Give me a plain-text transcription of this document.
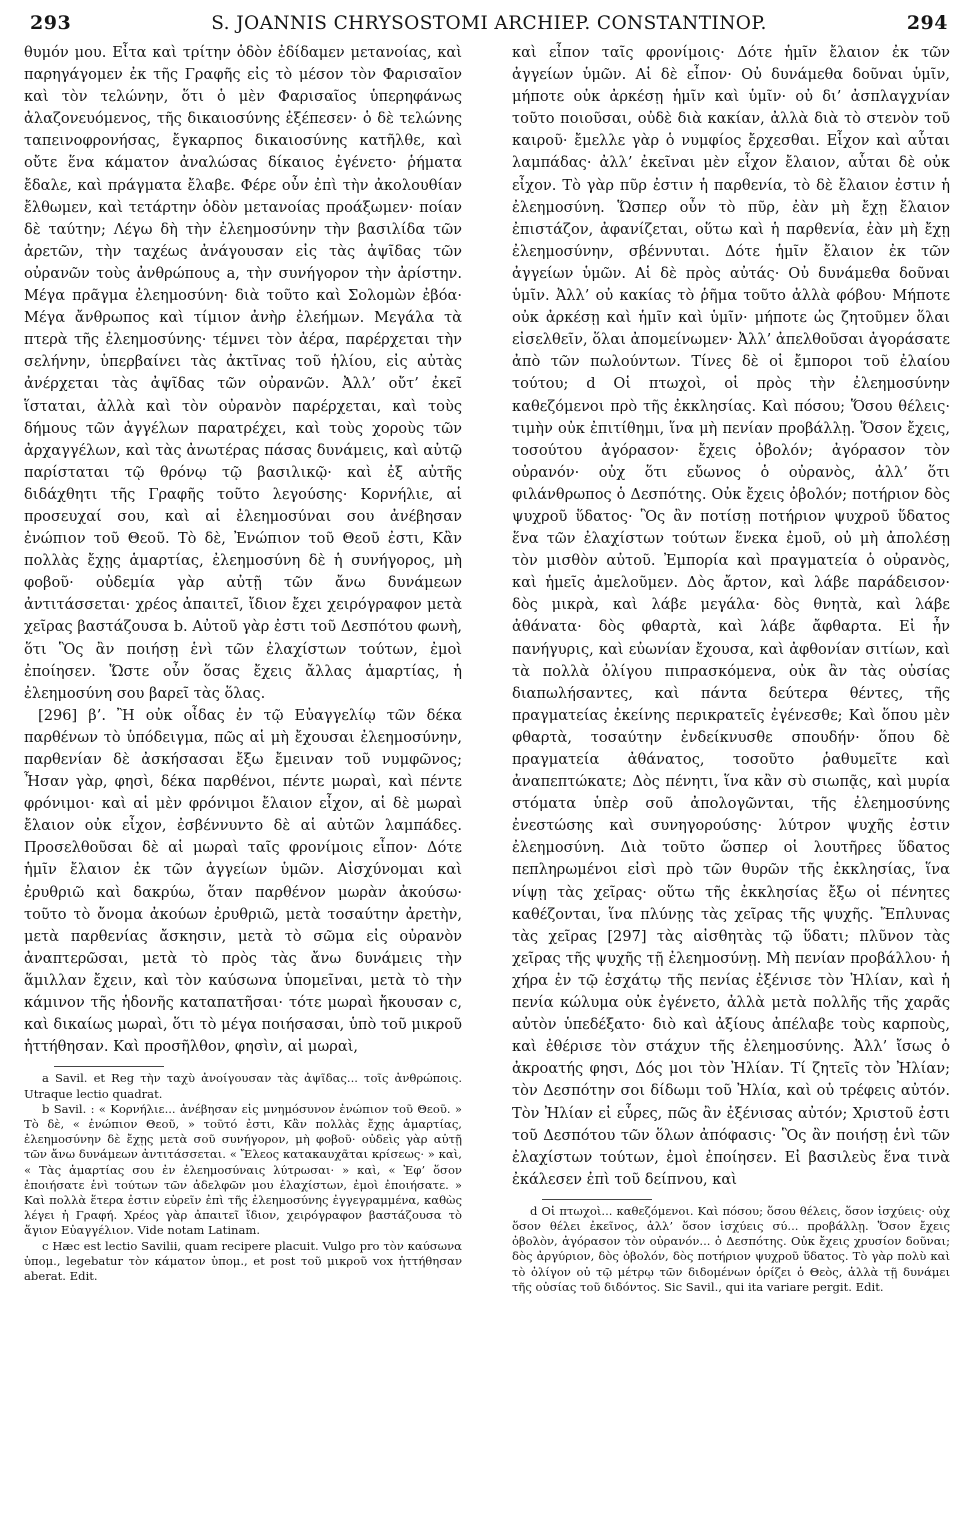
293	S. JOANNIS CHRYSOSTOMI ARCHIEP. CONSTANTINOP.	294

θυμόν μου. Εἶτα καὶ τρίτην ὁδὸν ἐδίδαμεν μετανοίας, καὶ παρηγάγομεν ἐκ τῆς Γραφῆς εἰς τὸ μέσον τὸν Φαρισαῖον καὶ τὸν τελώνην, ὅτι ὁ μὲν Φαρισαῖος ὑπερηφάνως ἀλαζονευόμενος, τῆς δικαιοσύνης ἐξέπεσεν· ὁ δὲ τελώνης ταπεινοφρονήσας, ἔγκαρπος δικαιοσύνης κατῆλθε, καὶ οὔτε ἕνα κάματον ἀναλώσας δίκαιος ἐγένετο· ῥήματα ἔδαλε, καὶ πράγματα ἔλαβε. Φέρε οὖν ἐπὶ τὴν ἀκολουθίαν ἔλθωμεν, καὶ τετάρτην ὁδὸν μετανοίας προάξωμεν· ποίαν δὲ ταύτην; Λέγω δὴ τὴν ἐλεημοσύνην τὴν βασιλίδα τῶν ἀρετῶν, τὴν ταχέως ἀνάγουσαν εἰς τὰς ἀψῖδας τῶν οὐρανῶν τοὺς ἀνθρώπους a, τὴν συνήγορον τὴν ἀρίστην. Μέγα πρᾶγμα ἐλεημοσύνη· διὰ τοῦτο καὶ Σολομὼν ἐβόα· Μέγα ἄνθρωπος καὶ τίμιον ἀνὴρ ἐλεήμων. Μεγάλα τὰ πτερὰ τῆς ἐλεημοσύνης· τέμνει τὸν ἀέρα, παρέρχεται τὴν σελήνην, ὑπερβαίνει τὰς ἀκτῖνας τοῦ ἡλίου, εἰς αὐτὰς ἀνέρχεται τὰς ἀψῖδας τῶν οὐρανῶν. Ἀλλ’ οὔτ’ ἐκεῖ ἵσταται, ἀλλὰ καὶ τὸν οὐρανὸν παρέρχεται, καὶ τοὺς δήμους τῶν ἀγγέλων παρατρέχει, καὶ τοὺς χοροὺς τῶν ἀρχαγγέλων, καὶ τὰς ἀνωτέρας πάσας δυνάμεις, καὶ αὐτῷ παρίσταται τῷ θρόνῳ τῷ βασιλικῷ· καὶ ἐξ αὐτῆς διδάχθητι τῆς Γραφῆς τοῦτο λεγούσης· Κορνήλιε, αἱ προσευχαί σου, καὶ αἱ ἐλεημοσύναι σου ἀνέβησαν ἐνώπιον τοῦ Θεοῦ. Τὸ δὲ, Ἐνώπιον τοῦ Θεοῦ ἐστι, Κἂν πολλὰς ἔχῃς ἁμαρτίας, ἐλεημοσύνη δὲ ἡ συνήγορος, μὴ φοβοῦ· οὐδεμία γὰρ αὐτῇ τῶν ἄνω δυνάμεων ἀντιτάσσεται· χρέος ἀπαιτεῖ, ἴδιον ἔχει χειρόγραφον μετὰ χεῖρας βαστάζουσα b. Αὐτοῦ γὰρ ἐστι τοῦ Δεσπότου φωνὴ, ὅτι Ὃς ἂν ποιήσῃ ἑνὶ τῶν ἐλαχίστων τούτων, ἐμοὶ ἐποίησεν. Ὥστε οὖν ὅσας ἔχεις ἄλλας ἁμαρτίας, ἡ ἐλεημοσύνη σου βαρεῖ τὰς ὅλας.

[296] β’. Ἢ οὐκ οἶδας ἐν τῷ Εὐαγγελίῳ τῶν δέκα παρθένων τὸ ὑπόδειγμα, πῶς αἱ μὴ ἔχουσαι ἐλεημοσύνην, παρθενίαν δὲ ἀσκήσασαι ἔξω ἔμειναν τοῦ νυμφῶνος; Ἦσαν γὰρ, φησὶ, δέκα παρθένοι, πέντε μωραὶ, καὶ πέντε φρόνιμοι· καὶ αἱ μὲν φρόνιμοι ἔλαιον εἶχον, αἱ δὲ μωραὶ ἔλαιον οὐκ εἶχον, ἐσβέννυντο δὲ αἱ αὐτῶν λαμπάδες. Προσελθοῦσαι δὲ αἱ μωραὶ ταῖς φρονίμοις εἶπον· Δότε ἡμῖν ἔλαιον ἐκ τῶν ἀγγείων ὑμῶν. Αἰσχύνομαι καὶ ἐρυθριῶ καὶ δακρύω, ὅταν παρθένον μωρὰν ἀκούσω· τοῦτο τὸ ὄνομα ἀκούων ἐρυθριῶ, μετὰ τοσαύτην ἀρετὴν, μετὰ παρθενίας ἄσκησιν, μετὰ τὸ σῶμα εἰς οὐρανὸν ἀναπτερῶσαι, μετὰ τὸ πρὸς τὰς ἄνω δυνάμεις τὴν ἅμιλλαν ἔχειν, καὶ τὸν καύσωνα ὑπομεῖναι, μετὰ τὸ τὴν κάμινον τῆς ἡδονῆς καταπατῆσαι· τότε μωραὶ ἤκουσαν c, καὶ δικαίως μωραὶ, ὅτι τὸ μέγα ποιήσασαι, ὑπὸ τοῦ μικροῦ ἡττήθησαν. Καὶ προσῆλθον, φησὶν, αἱ μωραὶ,

a Savil. et Reg τὴν ταχὺ ἀνοίγουσαν τὰς ἀψῖδας... τοῖς ἀνθρώποις. Utraque lectio quadrat.

b Savil. : « Κορνήλιε... ἀνέβησαν εἰς μνημόσυνον ἐνώπιον τοῦ Θεοῦ. » Τὸ δὲ, « ἐνώπιον Θεοῦ, » τοῦτό ἐστι, Κἂν πολλὰς ἔχῃς ἁμαρτίας, ἐλεημοσύνην δὲ ἔχῃς μετὰ σοῦ συνήγορον, μὴ φοβοῦ· οὐδεὶς γὰρ αὐτῇ τῶν ἄνω δυνάμεων ἀντιτάσσεται. « Ἔλεος κατακαυχᾶται κρίσεως· » καὶ, « Τὰς ἁμαρτίας σου ἐν ἐλεημοσύναις λύτρωσαι· » καὶ, « Ἐφ’ ὅσον ἐποιήσατε ἑνὶ τούτων τῶν ἀδελφῶν μου ἐλαχίστων, ἐμοὶ ἐποιήσατε. » Καὶ πολλὰ ἕτερα ἐστιν εὑρεῖν ἐπὶ τῆς ἐλεημοσύνης ἐγγεγραμμένα, καθὼς λέγει ἡ Γραφή. Χρέος γὰρ ἀπαιτεῖ ἴδιον, χειρόγραφον βαστάζουσα τὸ ἅγιον Εὐαγγέλιον. Vide notam Latinam.

c Hæc est lectio Savilii, quam recipere placuit. Vulgo pro τὸν καύσωνα ὑπομ., legebatur τὸν κάματον ὑπομ., et post τοῦ μικροῦ vox ἡττήθησαν aberat. Edit.

καὶ εἶπον ταῖς φρονίμοις· Δότε ἡμῖν ἔλαιον ἐκ τῶν ἀγγείων ὑμῶν. Αἱ δὲ εἶπον· Οὐ δυνάμεθα δοῦναι ὑμῖν, μήποτε οὐκ ἀρκέσῃ ἡμῖν καὶ ὑμῖν· οὐ δι’ ἀσπλαγχνίαν τοῦτο ποιοῦσαι, οὐδὲ διὰ κακίαν, ἀλλὰ διὰ τὸ στενὸν τοῦ καιροῦ· ἔμελλε γὰρ ὁ νυμφίος ἔρχεσθαι. Εἶχον καὶ αὗται λαμπάδας· ἀλλ’ ἐκεῖναι μὲν εἶχον ἔλαιον, αὗται δὲ οὐκ εἶχον. Τὸ γὰρ πῦρ ἐστιν ἡ παρθενία, τὸ δὲ ἔλαιον ἐστιν ἡ ἐλεημοσύνη. Ὥσπερ οὖν τὸ πῦρ, ἐὰν μὴ ἔχῃ ἔλαιον ἐπιστάζον, ἀφανίζεται, οὕτω καὶ ἡ παρθενία, ἐὰν μὴ ἔχῃ ἐλεημοσύνην, σβέννυται. Δότε ἡμῖν ἔλαιον ἐκ τῶν ἀγγείων ὑμῶν. Αἱ δὲ πρὸς αὐτάς· Οὐ δυνάμεθα δοῦναι ὑμῖν. Ἀλλ’ οὐ κακίας τὸ ῥῆμα τοῦτο ἀλλὰ φόβου· Μήποτε οὐκ ἀρκέσῃ καὶ ἡμῖν καὶ ὑμῖν· μήποτε ὡς ζητοῦμεν ὅλαι εἰσελθεῖν, ὅλαι ἀπομείνωμεν· Ἀλλ’ ἀπελθοῦσαι ἀγοράσατε ἀπὸ τῶν πωλούντων. Τίνες δὲ οἱ ἔμποροι τοῦ ἐλαίου τούτου; d Οἱ πτωχοὶ, οἱ πρὸς τὴν ἐλεημοσύνην καθεζόμενοι πρὸ τῆς ἐκκλησίας. Καὶ πόσου; Ὅσου θέλεις· τιμὴν οὐκ ἐπιτίθημι, ἵνα μὴ πενίαν προβάλλῃ. Ὅσον ἔχεις, τοσούτου ἀγόρασον· ἔχεις ὀβολόν; ἀγόρασον τὸν οὐρανόν· οὐχ ὅτι εὔωνος ὁ οὐρανὸς, ἀλλ’ ὅτι φιλάνθρωπος ὁ Δεσπότης. Οὐκ ἔχεις ὀβολόν; ποτήριον δὸς ψυχροῦ ὕδατος· Ὃς ἂν ποτίσῃ ποτήριον ψυχροῦ ὕδατος ἕνα τῶν ἐλαχίστων τούτων ἕνεκα ἐμοῦ, οὐ μὴ ἀπολέσῃ τὸν μισθὸν αὐτοῦ. Ἐμπορία καὶ πραγματεία ὁ οὐρανὸς, καὶ ἡμεῖς ἀμελοῦμεν. Δὸς ἄρτον, καὶ λάβε παράδεισον· δὸς μικρὰ, καὶ λάβε μεγάλα· δὸς θνητὰ, καὶ λάβε ἀθάνατα· δὸς φθαρτὰ, καὶ λάβε ἄφθαρτα. Εἰ ἦν πανήγυρις, καὶ εὐωνίαν ἔχουσα, καὶ ἀφθονίαν σιτίων, καὶ τὰ πολλὰ ὀλίγου πιπρασκόμενα, οὐκ ἂν τὰς οὐσίας διαπωλήσαντες, καὶ πάντα δεύτερα θέντες, τῆς πραγματείας ἐκείνης περικρατεῖς ἐγένεσθε; Καὶ ὅπου μὲν φθαρτὰ, τοσαύτην ἐνδείκνυσθε σπουδήν· ὅπου δὲ πραγματεία ἀθάνατος, τοσοῦτο ῥαθυμεῖτε καὶ ἀναπεπτώκατε; Δὸς πένητι, ἵνα κἂν σὺ σιωπᾷς, καὶ μυρία στόματα ὑπὲρ σοῦ ἀπολογῶνται, τῆς ἐλεημοσύνης ἐνεστώσης καὶ συνηγορούσης· λύτρον ψυχῆς ἐστιν ἐλεημοσύνη. Διὰ τοῦτο ὥσπερ οἱ λουτῆρες ὕδατος πεπληρωμένοι εἰσὶ πρὸ τῶν θυρῶν τῆς ἐκκλησίας, ἵνα νίψῃ τὰς χεῖρας· οὕτω τῆς ἐκκλησίας ἔξω οἱ πένητες καθέζονται, ἵνα πλύνῃς τὰς χεῖρας τῆς ψυχῆς. Ἔπλυνας τὰς χεῖρας [297] τὰς αἰσθητὰς τῷ ὕδατι; πλῦνον τὰς χεῖρας τῆς ψυχῆς τῇ ἐλεημοσύνῃ. Μὴ πενίαν προβάλλου· ἡ χήρα ἐν τῷ ἐσχάτῳ τῆς πενίας ἐξένισε τὸν Ἠλίαν, καὶ ἡ πενία κώλυμα οὐκ ἐγένετο, ἀλλὰ μετὰ πολλῆς τῆς χαρᾶς αὐτὸν ὑπεδέξατο· διὸ καὶ ἀξίους ἀπέλαβε τοὺς καρποὺς, καὶ ἐθέρισε τὸν στάχυν τῆς ἐλεημοσύνης. Ἀλλ’ ἴσως ὁ ἀκροατής φησι, Δός μοι τὸν Ἠλίαν. Τί ζητεῖς τὸν Ἠλίαν; τὸν Δεσπότην σοι δίδωμι τοῦ Ἠλία, καὶ οὐ τρέφεις αὐτόν. Τὸν Ἠλίαν εἰ εὗρες, πῶς ἂν ἐξένισας αὐτόν; Χριστοῦ ἐστι τοῦ Δεσπότου τῶν ὅλων ἀπόφασις· Ὃς ἂν ποιήσῃ ἑνὶ τῶν ἐλαχίστων τούτων, ἐμοὶ ἐποίησεν. Εἰ βασιλεὺς ἕνα τινὰ ἐκάλεσεν ἐπὶ τοῦ δείπνου, καὶ

d Οἱ πτωχοὶ... καθεζόμενοι. Καὶ πόσου; ὅσου θέλεις, ὅσον ἰσχύεις· οὐχ ὅσον θέλει ἐκεῖνος, ἀλλ’ ὅσον ἰσχύεις σύ... προβάλλῃ. Ὅσον ἔχεις ὀβολὸν, ἀγόρασον τὸν οὐρανόν... ὁ Δεσπότης. Οὐκ ἔχεις χρυσίον δοῦναι; δὸς ἀργύριον, δὸς ὀβολόν, δὸς ποτήριον ψυχροῦ ὕδατος. Τὸ γὰρ πολὺ καὶ τὸ ὀλίγον οὐ τῷ μέτρῳ τῶν διδομένων ὁρίζει ὁ Θεὸς, ἀλλὰ τῇ δυνάμει τῆς οὐσίας τοῦ διδόντος. Sic Savil., qui ita variare pergit. Edit.
